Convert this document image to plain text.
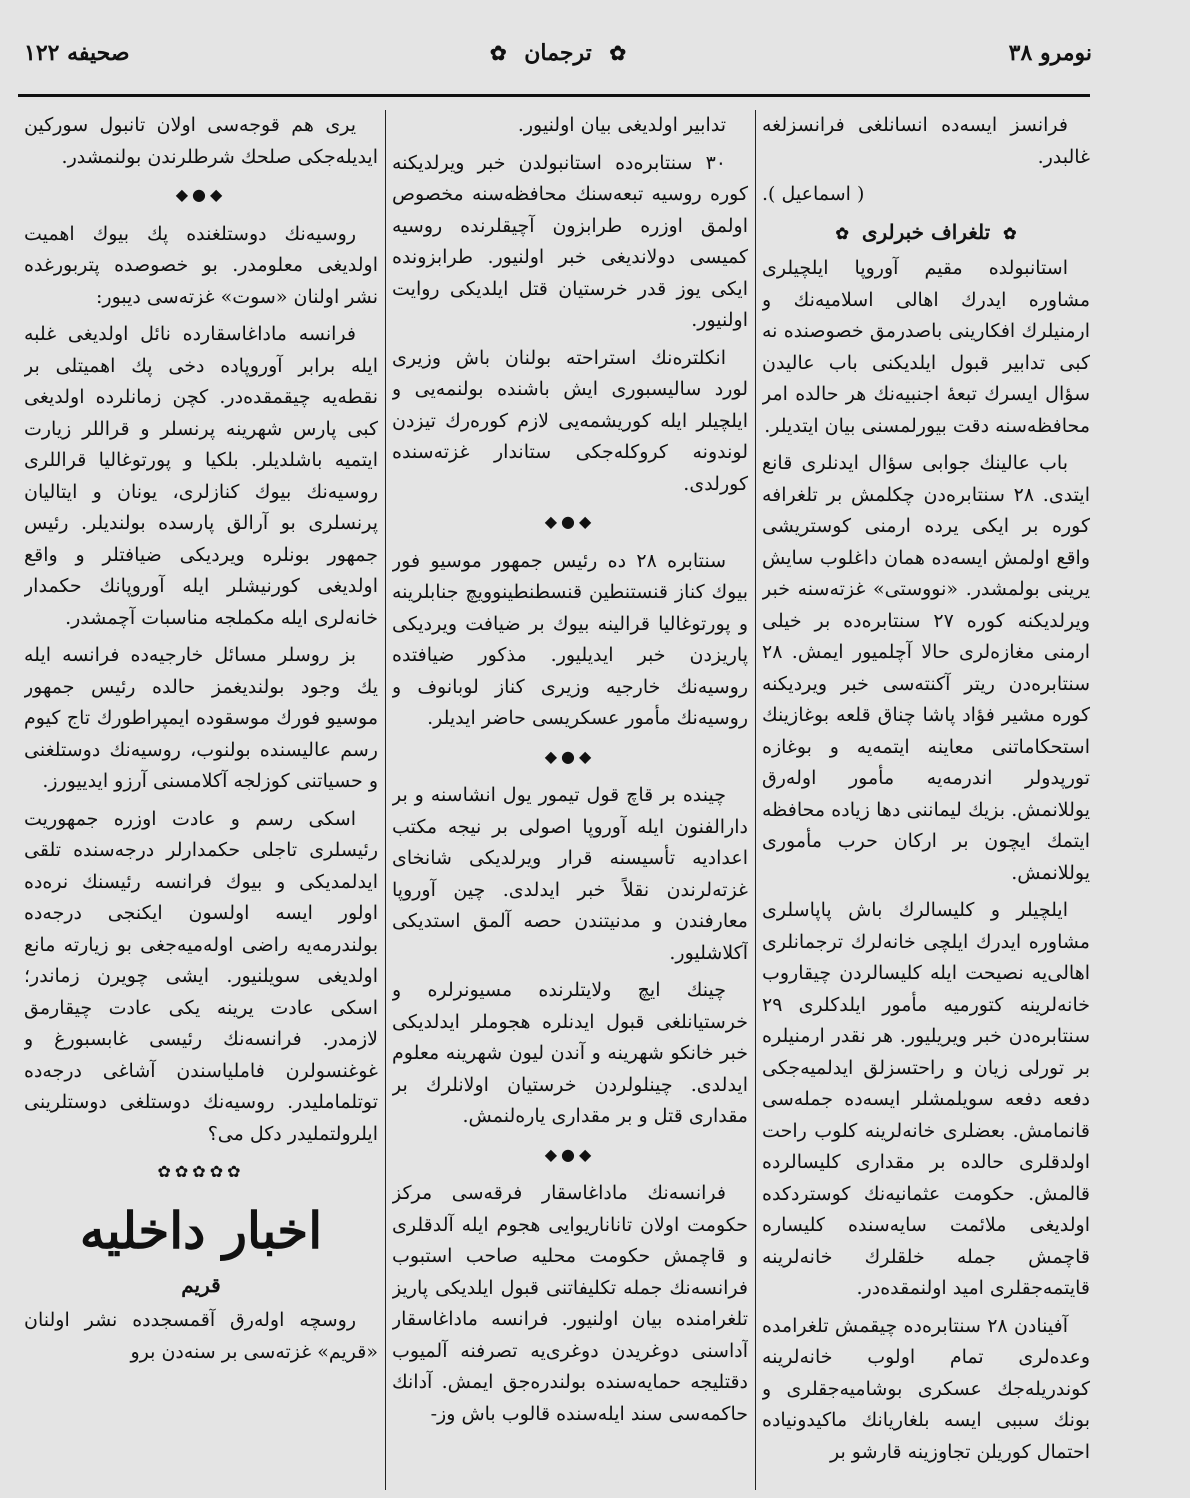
نومرو ۳۸
✿ ترجمان ✿
صحیفه ۱۲۲

فرانسز ایسه‌ده انسانلغی فرانسزلغه غالبدر.

( اسماعیل ).

✿ تلغراف خبرلری ✿

استانبولده مقیم آوروپا ایلچیلری مشاوره ایدرك اهالی اسلامیه‌نك و ارمنیلرك افكارینی باصدرمق خصوصنده نه كبی تدابیر قبول ایلدیكنی باب عالیدن سؤال ایسرك تبعهٔ اجنبیه‌نك هر حالده امر محافظه‌سنه دقت بیورلمسنی بیان ایتدیلر.

باب عالینك جوابی سؤال ایدنلری قانع ایتدی. ۲۸ سنتابره‌دن چكلمش بر تلغرافه كوره بر ایكی یرده ارمنی كوستریشی واقع اولمش ایسه‌ده همان داغلوب سایش یرینی بولمشدر. «نووستی» غزته‌سنه خبر ویرلدیكنه كوره ۲۷ سنتابره‌ده بر خیلی ارمنی مغازه‌لری حالا آچلمیور ایمش. ۲۸ سنتابره‌دن ریتر آكنته‌سی خبر ویردیكنه كوره مشیر فؤاد پاشا چناق قلعه بوغازینك استحكاماتنی معاینه ایتمه‌یه و بوغازه تورپدولر اندرمه‌یه مأمور اوله‌رق یوللانمش. بزیك لیماننی دها زیاده محافظه ایتمك ایچون بر اركان حرب مأموری یوللانمش.

ایلچیلر و كلیسالرك باش پاپاسلری مشاوره ایدرك ایلچی خانه‌لرك ترجمانلری اهالی‌یه نصیحت ایله كلیسالردن چیقاروب خانه‌لرینه كتورمیه مأمور ایلدكلری ۲۹ سنتابره‌دن خبر ویریلیور. هر نقدر ارمنیلره بر تورلی زیان و راحتسزلق ایدلمیه‌جكی دفعه دفعه سویلمشلر ایسه‌ده جمله‌سی قانمامش. بعضلری خانه‌لرینه كلوب راحت اولدقلری حالده بر مقداری كلیسالرده قالمش. حكومت عثمانیه‌نك كوستردكده اولدیغی ملائمت سایه‌سنده كلیساره قاچمش جمله خلقلرك خانه‌لرینه قایتمه‌جقلری امید اولنمقده‌در.

آفینادن ۲۸ سنتابره‌ده چیقمش تلغرامده وعده‌لری تمام اولوب خانه‌لرینه كوندریله‌جك عسكری بوشامیه‌جقلری و بونك سببی ایسه بلغاریانك ماكیدونیاده احتمال كوریلن تجاوزینه قارشو بر

تدابیر اولدیغی بیان اولنیور.

۳۰ سنتابره‌ده استانبولدن خبر ویرلدیكنه كوره روسیه تبعه‌سنك محافظه‌سنه مخصوص اولمق اوزره طرابزون آچیقلرنده روسیه كمیسی دولاندیغی خبر اولنیور. طرابزونده ایكی یوز قدر خرستیان قتل ایلدیكی روایت اولنیور.

انكلتره‌نك استراحته بولنان باش وزیری لورد سالیسبوری ایش باشنده بولنمه‌یی و ایلچیلر ایله كوریشمه‌یی لازم كوره‌رك تیزدن لوندونه كروكله‌جكی ستاندار غزته‌سنده كورلدی.

◆●◆

سنتابره ۲۸ ده رئیس جمهور موسیو فور بیوك كناز قنستنطین قنسطنطینوویچ جنابلرینه و پورتوغالیا قرالینه بیوك بر ضیافت ویردیكی پاریزدن خبر ایدیلیور. مذكور ضیافتده روسیه‌نك خارجیه وزیری كناز لوبانوف و روسیه‌نك مأمور عسكریسی حاضر ایدیلر.

◆●◆

چینده بر قاچ قول تیمور یول انشاسنه و بر دارالفنون ایله آوروپا اصولی بر نیجه مكتب اعدادیه تأسیسنه قرار ویرلدیكی شانخای غزته‌لرندن نقلاً خبر ایدلدی. چین آوروپا معارفندن و مدنیتندن حصه آلمق استدیكی آكلاشلیور.

چینك ایچ ولایتلرنده مسیونرلره و خرستیانلغی قبول ایدنلره هجوملر ایدلدیكی خبر خانكو شهرینه و آندن لیون شهرینه معلوم ایدلدی. چینلولردن خرستیان اولانلرك بر مقداری قتل و بر مقداری یاره‌لنمش.

◆●◆

فرانسه‌نك ماداغاسقار فرقه‌سی مركز حكومت اولان تاناناریوایی هجوم ایله آلدقلری و قاچمش حكومت محلیه صاحب استبوب فرانسه‌نك جمله تكلیفاتنی قبول ایلدیكی پاریز تلغرامنده بیان اولنیور. فرانسه ماداغاسقار آداسنی دوغریدن دوغری‌یه تصرفنه آلمیوب دقتلیجه حمایه‌سنده بولندره‌جق ایمش. آدانك حاكمه‌سی سند ایله‌سنده قالوب باش وز-

یری هم قوجه‌سی اولان تانبول سوركین ایدیله‌جكی صلحك شرطلرندن بولنمشدر.

◆●◆

روسیه‌نك دوستلغنده پك بیوك اهمیت اولدیغی معلومدر. بو خصوصده پتربورغده نشر اولنان «سوت» غزته‌سی دیبور:

فرانسه ماداغاسقارده نائل اولدیغی غلبه ایله برابر آوروپاده دخی پك اهمیتلی بر نقطه‌یه چیقمقده‌در. كچن زمانلرده اولدیغی كبی پارس شهرینه پرنسلر و قراللر زیارت ایتمیه باشلدیلر. بلكیا و پورتوغالیا قراللری روسیه‌نك بیوك كنازلری، یونان و ایتالیان پرنسلری بو آرالق پارسده بولندیلر. رئیس جمهور بونلره ویردیكی ضیافتلر و واقع اولدیغی كورنیشلر ایله آوروپانك حكمدار خانه‌لری ایله مكملجه مناسبات آچمشدر.

بز روسلر مسائل خارجیه‌ده فرانسه ایله یك وجود بولندیغمز حالده رئیس جمهور موسیو فورك موسقوده ایمپراطورك تاج كیوم رسم عالیسنده بولنوب، روسیه‌نك دوستلغنی و حسیاتنی كوزلجه آكلامسنی آرزو ایدییورز.

اسكی رسم و عادت اوزره جمهوریت رئیسلری تاجلی حكمدارلر درجه‌سنده تلقی ایدلمدیكی و بیوك فرانسه رئیسنك نره‌ده اولور ایسه اولسون ایكنجی درجه‌ده بولندرمه‌یه راضی اوله‌میه‌جغی بو زیارته مانع اولدیغی سویلنیور. ایشی چویرن زماندر؛ اسكی عادت یرینه یكی عادت چیقارمق لازمدر. فرانسه‌نك رئیسی غابسبورغ و غوغنسولرن فاملیاسندن آشاغی درجه‌ده توتلمامليدر. روسیه‌نك دوستلغی دوستلرینی ایلرولتمليدر دكل می؟

✿✿✿✿✿
اخبار داخلیه
قریم

روسچه اوله‌رق آقمسجدده نشر اولنان «قریم» غزته‌سی بر سنه‌دن برو
